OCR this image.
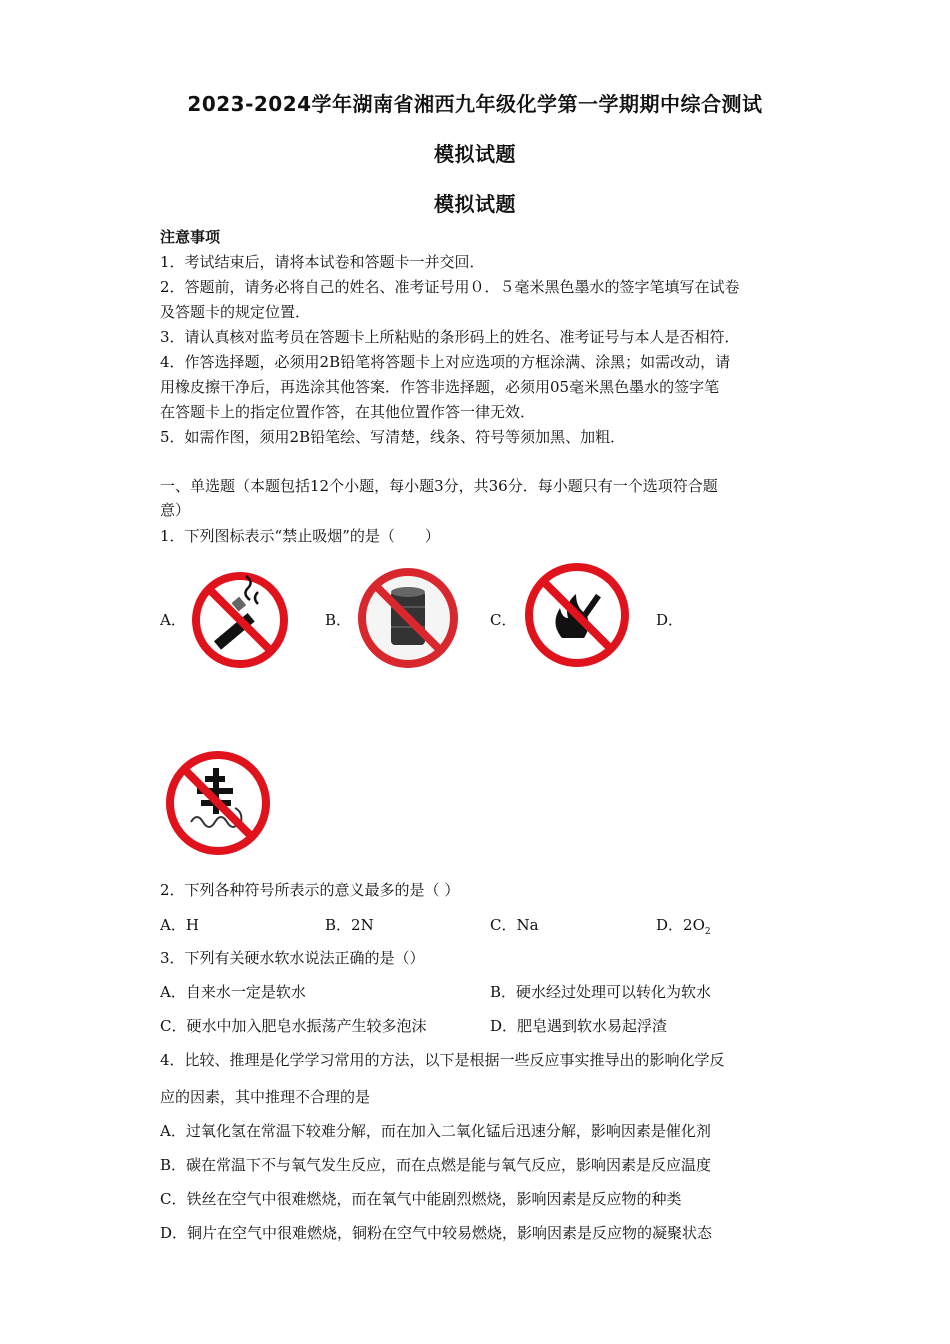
2023-2024学年湖南省湘西九年级化学第一学期期中综合测试
模拟试题
模拟试题
注意事项
1．考试结束后，请将本试卷和答题卡一并交回．
2．答题前，请务必将自己的姓名、准考证号用０．５毫米黑色墨水的签字笔填写在试卷
及答题卡的规定位置．
3．请认真核对监考员在答题卡上所粘贴的条形码上的姓名、准考证号与本人是否相符．
4．作答选择题，必须用2B铅笔将答题卡上对应选项的方框涂满、涂黑；如需改动，请
用橡皮擦干净后，再选涂其他答案．作答非选择题，必须用05毫米黑色墨水的签字笔
在答题卡上的指定位置作答，在其他位置作答一律无效．
5．如需作图，须用2B铅笔绘、写清楚，线条、符号等须加黑、加粗．
一、单选题（本题包括12个小题，每小题3分，共36分．每小题只有一个选项符合题
意）
1．下列图标表示“禁止吸烟”的是（　　）
A．	B．	C．	D．
2．下列各种符号所表示的意义最多的是（ ）
A．H	B．2N	C．Na	D．$2O_2$
3．下列有关硬水软水说法正确的是（）
A．自来水一定是软水	B．硬水经过处理可以转化为软水
C．硬水中加入肥皂水振荡产生较多泡沫	D．肥皂遇到软水易起浮渣
4．比较、推理是化学学习常用的方法，以下是根据一些反应事实推导出的影响化学反
应的因素，其中推理不合理的是
A．过氧化氢在常温下较难分解，而在加入二氧化锰后迅速分解，影响因素是催化剂
B．碳在常温下不与氧气发生反应，而在点燃是能与氧气反应，影响因素是反应温度
C．铁丝在空气中很难燃烧，而在氧气中能剧烈燃烧，影响因素是反应物的种类
D．铜片在空气中很难燃烧，铜粉在空气中较易燃烧，影响因素是反应物的凝聚状态
